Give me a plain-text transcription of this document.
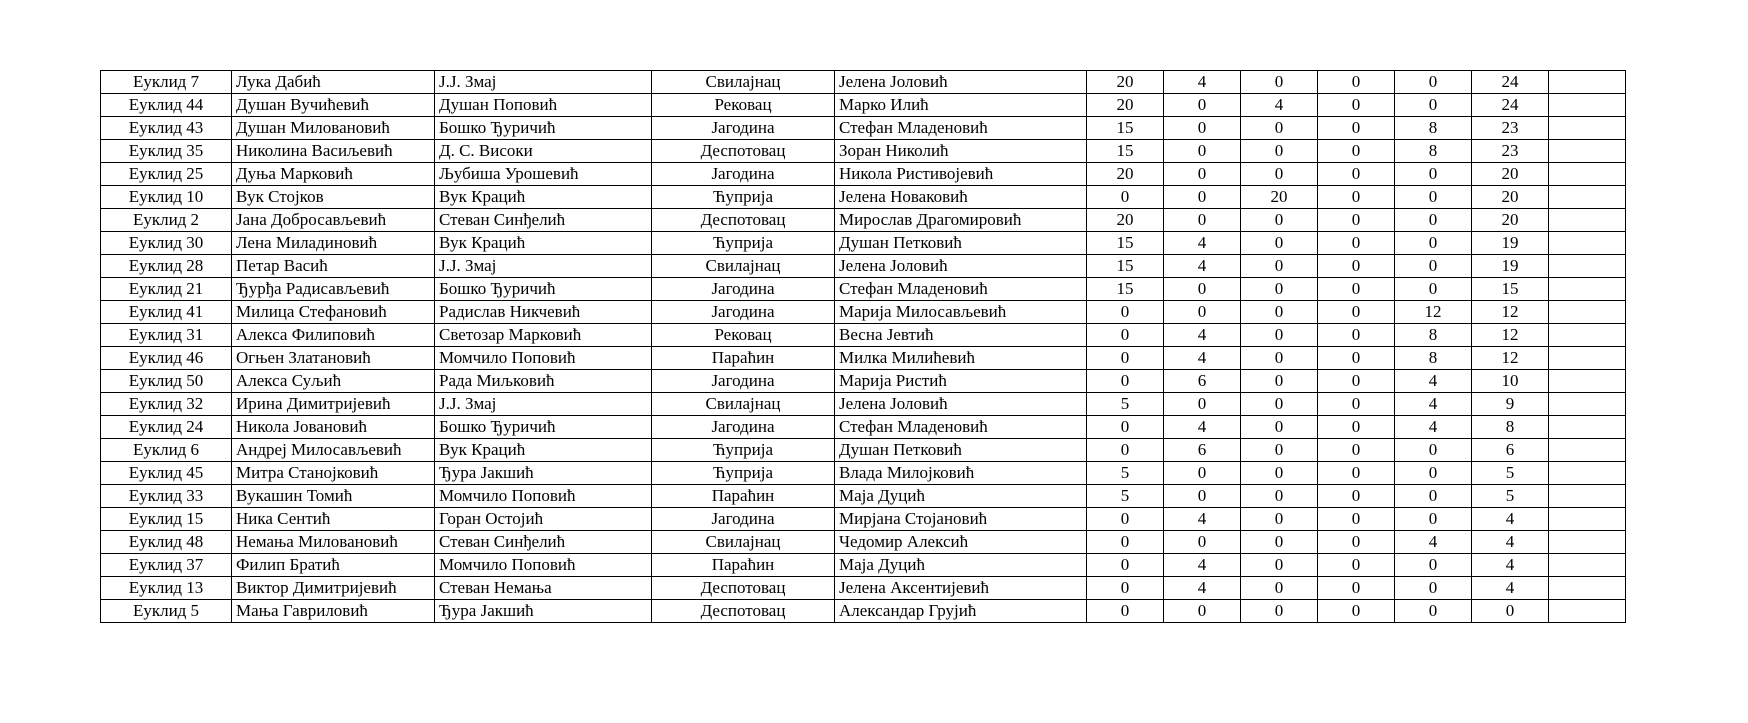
Еуклид 7	Лука Дабић	Ј.Ј. Змај	Свилајнац	Јелена Јоловић	20	4	0	0	0	24	
Еуклид 44	Душан Вучићевић	Душан Поповић	Рековац	Марко Илић	20	0	4	0	0	24	
Еуклид 43	Душан Миловановић	Бошко Ђуричић	Јагодина	Стефан Младеновић	15	0	0	0	8	23	
Еуклид 35	Николина Васиљевић	Д. С. Високи	Деспотовац	Зоран Николић	15	0	0	0	8	23	
Еуклид 25	Дуња Марковић	Љубиша Урошевић	Јагодина	Никола Ристивојевић	20	0	0	0	0	20	
Еуклид 10	Вук Стојков	Вук Крацић	Ћуприја	Јелена Новаковић	0	0	20	0	0	20	
Еуклид 2	Јана Добросављевић	Стеван Синђелић	Деспотовац	Мирослав Драгомировић	20	0	0	0	0	20	
Еуклид 30	Лена Миладиновић	Вук Крацић	Ћуприја	Душан Петковић	15	4	0	0	0	19	
Еуклид 28	Петар Васић	Ј.Ј. Змај	Свилајнац	Јелена Јоловић	15	4	0	0	0	19	
Еуклид 21	Ђурђа Радисављевић	Бошко Ђуричић	Јагодина	Стефан Младеновић	15	0	0	0	0	15	
Еуклид 41	Милица Стефановић	Радислав Никчевић	Јагодина	Марија Милосављевић	0	0	0	0	12	12	
Еуклид 31	Алекса Филиповић	Светозар Марковић	Рековац	Весна Јевтић	0	4	0	0	8	12	
Еуклид 46	Огњен Златановић	Момчило Поповић	Параћин	Милка Милићевић	0	4	0	0	8	12	
Еуклид 50	Алекса Суљић	Рада Миљковић	Јагодина	Марија Ристић	0	6	0	0	4	10	
Еуклид 32	Ирина Димитријевић	Ј.Ј. Змај	Свилајнац	Јелена Јоловић	5	0	0	0	4	9	
Еуклид 24	Никола Јовановић	Бошко Ђуричић	Јагодина	Стефан Младеновић	0	4	0	0	4	8	
Еуклид 6	Андреј Милосављевић	Вук Крацић	Ћуприја	Душан Петковић	0	6	0	0	0	6	
Еуклид 45	Митра Станојковић	Ђура Јакшић	Ћуприја	Влада Милојковић	5	0	0	0	0	5	
Еуклид 33	Вукашин Томић	Момчило Поповић	Параћин	Маја Дуцић	5	0	0	0	0	5	
Еуклид 15	Ника Сентић	Горан Остојић	Јагодина	Мирјана Стојановић	0	4	0	0	0	4	
Еуклид 48	Немања Миловановић	Стеван Синђелић	Свилајнац	Чедомир Алексић	0	0	0	0	4	4	
Еуклид 37	Филип Братић	Момчило Поповић	Параћин	Маја Дуцић	0	4	0	0	0	4	
Еуклид 13	Виктор Димитријевић	Стеван Немања	Деспотовац	Јелена Аксентијевић	0	4	0	0	0	4	
Еуклид 5	Мања Гавриловић	Ђура Јакшић	Деспотовац	Александар Грујић	0	0	0	0	0	0	
